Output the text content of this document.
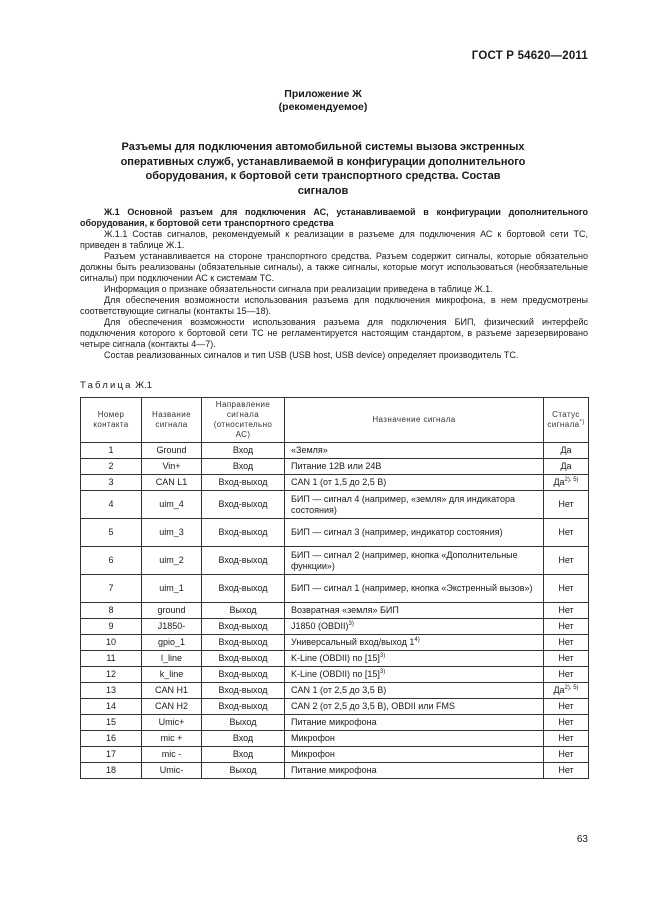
ГОСТ Р 54620—2011
Приложение Ж
(рекомендуемое)
Разъемы для подключения автомобильной системы вызова экстренных оперативных служб, устанавливаемой в конфигурации дополнительного оборудования, к бортовой сети транспортного средства. Состав сигналов

Ж.1 Основной разъем для подключения АС, устанавливаемой в конфигурации дополнительного оборудования, к бортовой сети транспортного средства

Ж.1.1 Состав сигналов, рекомендуемый к реализации в разъеме для подключения АС к бортовой сети ТС, приведен в таблице Ж.1.

Разъем устанавливается на стороне транспортного средства. Разъем содержит сигналы, которые обязательно должны быть реализованы (обязательные сигналы), а также сигналы, которые могут использоваться (необязательные сигналы) при подключении АС к системам ТС.

Информация о признаке обязательности сигнала при реализации приведена в таблице Ж.1.

Для обеспечения возможности использования разъема для подключения микрофона, в нем предусмотрены соответствующие сигналы (контакты 15—18).

Для обеспечения возможности использования разъема для подключения БИП, физический интерфейс подключения которого к бортовой сети ТС не регламентируется настоящим стандартом, в разъеме зарезервировано четыре сигнала (контакты 4—7).

Состав реализованных сигналов и тип USB (USB host, USB device) определяет производитель ТС.

Таблица Ж.1
Номер контакта	Название сигнала	Направление сигнала (относительно АС)	Назначение сигнала	Статус сигнала*)
1	Ground	Вход	«Земля»	Да
2	Vin+	Вход	Питание 12В или 24В	Да
3	CAN L1	Вход-выход	CAN 1 (от 1,5 до 2,5 В)	$Да^{2), 5)}$
4	uim_4	Вход-выход	БИП — сигнал 4 (например, «земля» для индикатора состояния)	Нет
5	uim_3	Вход-выход	БИП — сигнал 3 (например, индикатор состояния)	Нет
6	uim_2	Вход-выход	БИП — сигнал 2 (например, кнопка «Дополнительные функции»)	Нет
7	uim_1	Вход-выход	БИП — сигнал 1 (например, кнопка «Экстренный вызов»)	Нет
8	ground	Выход	Возвратная «земля» БИП	Нет
9	J1850-	Вход-выход	J1850 (OBDII)$^{3)}$	Нет
10	gpio_1	Вход-выход	Универсальный вход/выход 1$^{4)}$	Нет
11	l_line	Вход-выход	K-Line (OBDII) по $[15]^{3)}$	Нет
12	k_line	Вход-выход	K-Line (OBDII) по $[15]^{3)}$	Нет
13	CAN H1	Вход-выход	CAN 1 (от 2,5 до 3,5 В)	$Да^{2), 5)}$
14	CAN H2	Вход-выход	CAN 2 (от 2,5 до 3,5 В), OBDII или FMS	Нет
15	Umic+	Выход	Питание микрофона	Нет
16	mic +	Вход	Микрофон	Нет
17	mic -	Вход	Микрофон	Нет
18	Umic-	Выход	Питание микрофона	Нет
63
